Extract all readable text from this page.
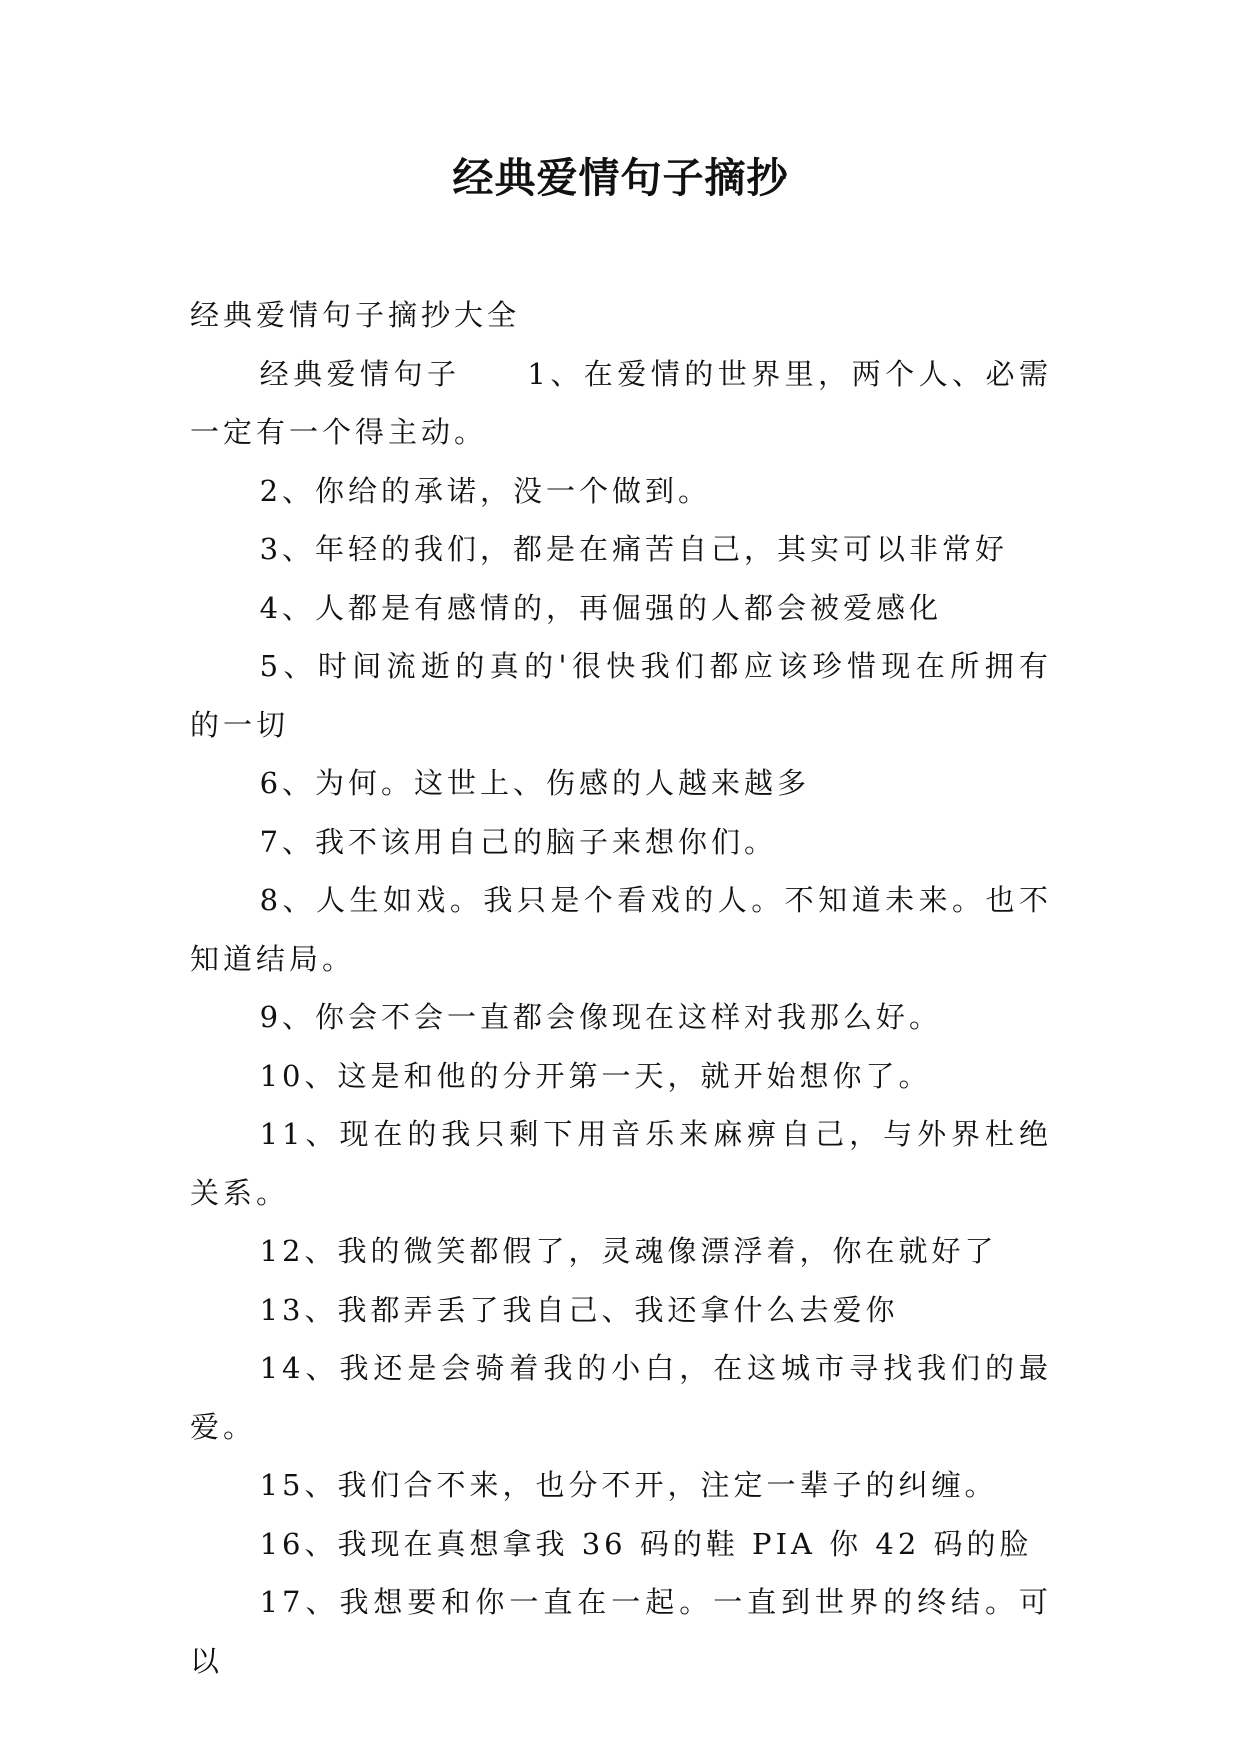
经典爱情句子摘抄

经典爱情句子摘抄大全

经典爱情句子　　1、在爱情的世界里，两个人、必需一定有一个得主动。

2、你给的承诺，没一个做到。

3、年轻的我们，都是在痛苦自己，其实可以非常好

4、人都是有感情的，再倔强的人都会被爱感化

5、时间流逝的真的'很快我们都应该珍惜现在所拥有的一切

6、为何。这世上、伤感的人越来越多

7、我不该用自己的脑子来想你们。

8、人生如戏。我只是个看戏的人。不知道未来。也不知道结局。

9、你会不会一直都会像现在这样对我那么好。

10、这是和他的分开第一天，就开始想你了。

11、现在的我只剩下用音乐来麻痹自己，与外界杜绝关系。

12、我的微笑都假了，灵魂像漂浮着，你在就好了

13、我都弄丢了我自己、我还拿什么去爱你

14、我还是会骑着我的小白，在这城市寻找我们的最爱。

15、我们合不来，也分不开，注定一辈子的纠缠。

16、我现在真想拿我 36 码的鞋 PIA 你 42 码的脸

17、我想要和你一直在一起。一直到世界的终结。可以
